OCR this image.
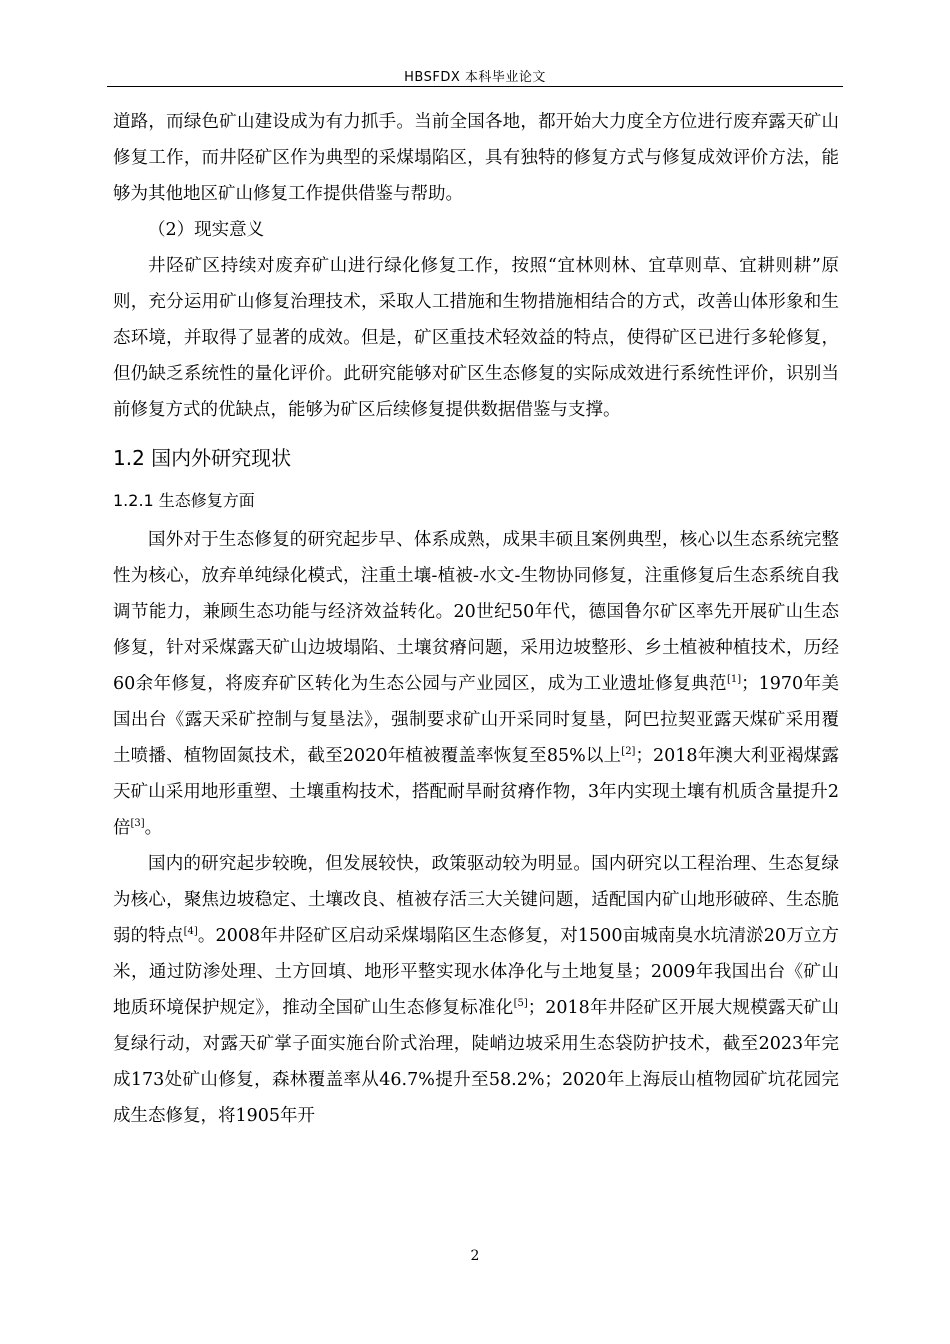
HBSFDX 本科毕业论文

道路，而绿色矿山建设成为有力抓手。当前全国各地，都开始大力度全方位进行废弃露天矿山修复工作，而井陉矿区作为典型的采煤塌陷区，具有独特的修复方式与修复成效评价方法，能够为其他地区矿山修复工作提供借鉴与帮助。

（2）现实意义

井陉矿区持续对废弃矿山进行绿化修复工作，按照“宜林则林、宜草则草、宜耕则耕”原则，充分运用矿山修复治理技术，采取人工措施和生物措施相结合的方式，改善山体形象和生态环境，并取得了显著的成效。但是，矿区重技术轻效益的特点，使得矿区已进行多轮修复，但仍缺乏系统性的量化评价。此研究能够对矿区生态修复的实际成效进行系统性评价，识别当前修复方式的优缺点，能够为矿区后续修复提供数据借鉴与支撑。

1.2 国内外研究现状
1.2.1 生态修复方面

国外对于生态修复的研究起步早、体系成熟，成果丰硕且案例典型，核心以生态系统完整性为核心，放弃单纯绿化模式，注重土壤-植被-水文-生物协同修复，注重修复后生态系统自我调节能力，兼顾生态功能与经济效益转化。20世纪50年代，德国鲁尔矿区率先开展矿山生态修复，针对采煤露天矿山边坡塌陷、土壤贫瘠问题，采用边坡整形、乡土植被种植技术，历经60余年修复，将废弃矿区转化为生态公园与产业园区，成为工业遗址修复典范[1]；1970年美国出台《露天采矿控制与复垦法》，强制要求矿山开采同时复垦，阿巴拉契亚露天煤矿采用覆土喷播、植物固氮技术，截至2020年植被覆盖率恢复至85%以上[2]；2018年澳大利亚褐煤露天矿山采用地形重塑、土壤重构技术，搭配耐旱耐贫瘠作物，3年内实现土壤有机质含量提升2倍[3]。

国内的研究起步较晚，但发展较快，政策驱动较为明显。国内研究以工程治理、生态复绿为核心，聚焦边坡稳定、土壤改良、植被存活三大关键问题，适配国内矿山地形破碎、生态脆弱的特点[4]。2008年井陉矿区启动采煤塌陷区生态修复，对1500亩城南臭水坑清淤20万立方米，通过防渗处理、土方回填、地形平整实现水体净化与土地复垦；2009年我国出台《矿山地质环境保护规定》，推动全国矿山生态修复标准化[5]；2018年井陉矿区开展大规模露天矿山复绿行动，对露天矿掌子面实施台阶式治理，陡峭边坡采用生态袋防护技术，截至2023年完成173处矿山修复，森林覆盖率从46.7%提升至58.2%；2020年上海辰山植物园矿坑花园完成生态修复，将1905年开

2
